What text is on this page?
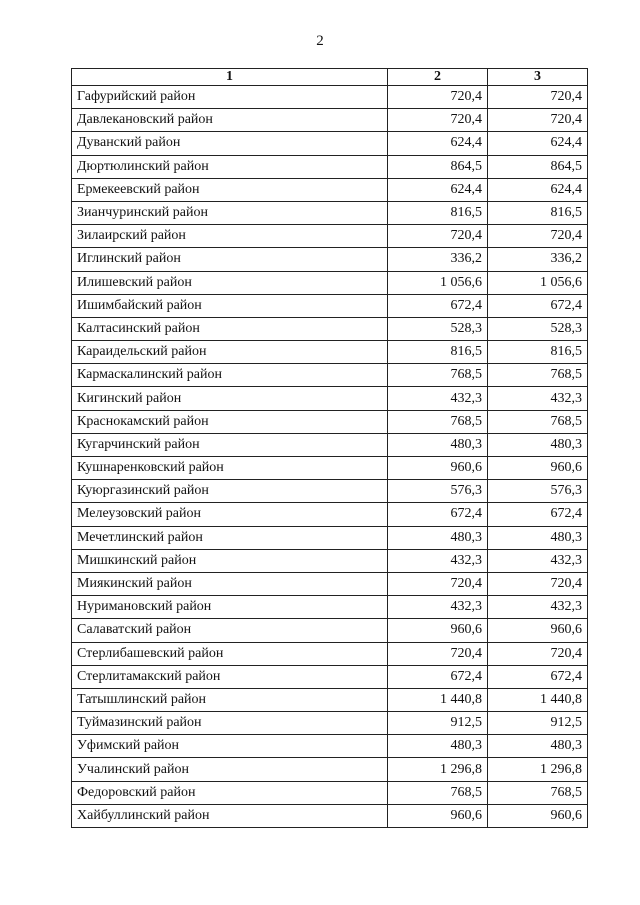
2
1	2	3
Гафурийский район	720,4	720,4
Давлекановский район	720,4	720,4
Дуванский район	624,4	624,4
Дюртюлинский район	864,5	864,5
Ермекеевский район	624,4	624,4
Зианчуринский район	816,5	816,5
Зилаирский район	720,4	720,4
Иглинский район	336,2	336,2
Илишевский район	1 056,6	1 056,6
Ишимбайский район	672,4	672,4
Калтасинский район	528,3	528,3
Караидельский район	816,5	816,5
Кармаскалинский район	768,5	768,5
Кигинский район	432,3	432,3
Краснокамский район	768,5	768,5
Кугарчинский район	480,3	480,3
Кушнаренковский район	960,6	960,6
Куюргазинский район	576,3	576,3
Мелеузовский район	672,4	672,4
Мечетлинский район	480,3	480,3
Мишкинский район	432,3	432,3
Миякинский район	720,4	720,4
Нуримановский район	432,3	432,3
Салаватский район	960,6	960,6
Стерлибашевский район	720,4	720,4
Стерлитамакский район	672,4	672,4
Татышлинский район	1 440,8	1 440,8
Туймазинский район	912,5	912,5
Уфимский район	480,3	480,3
Учалинский район	1 296,8	1 296,8
Федоровский район	768,5	768,5
Хайбуллинский район	960,6	960,6
